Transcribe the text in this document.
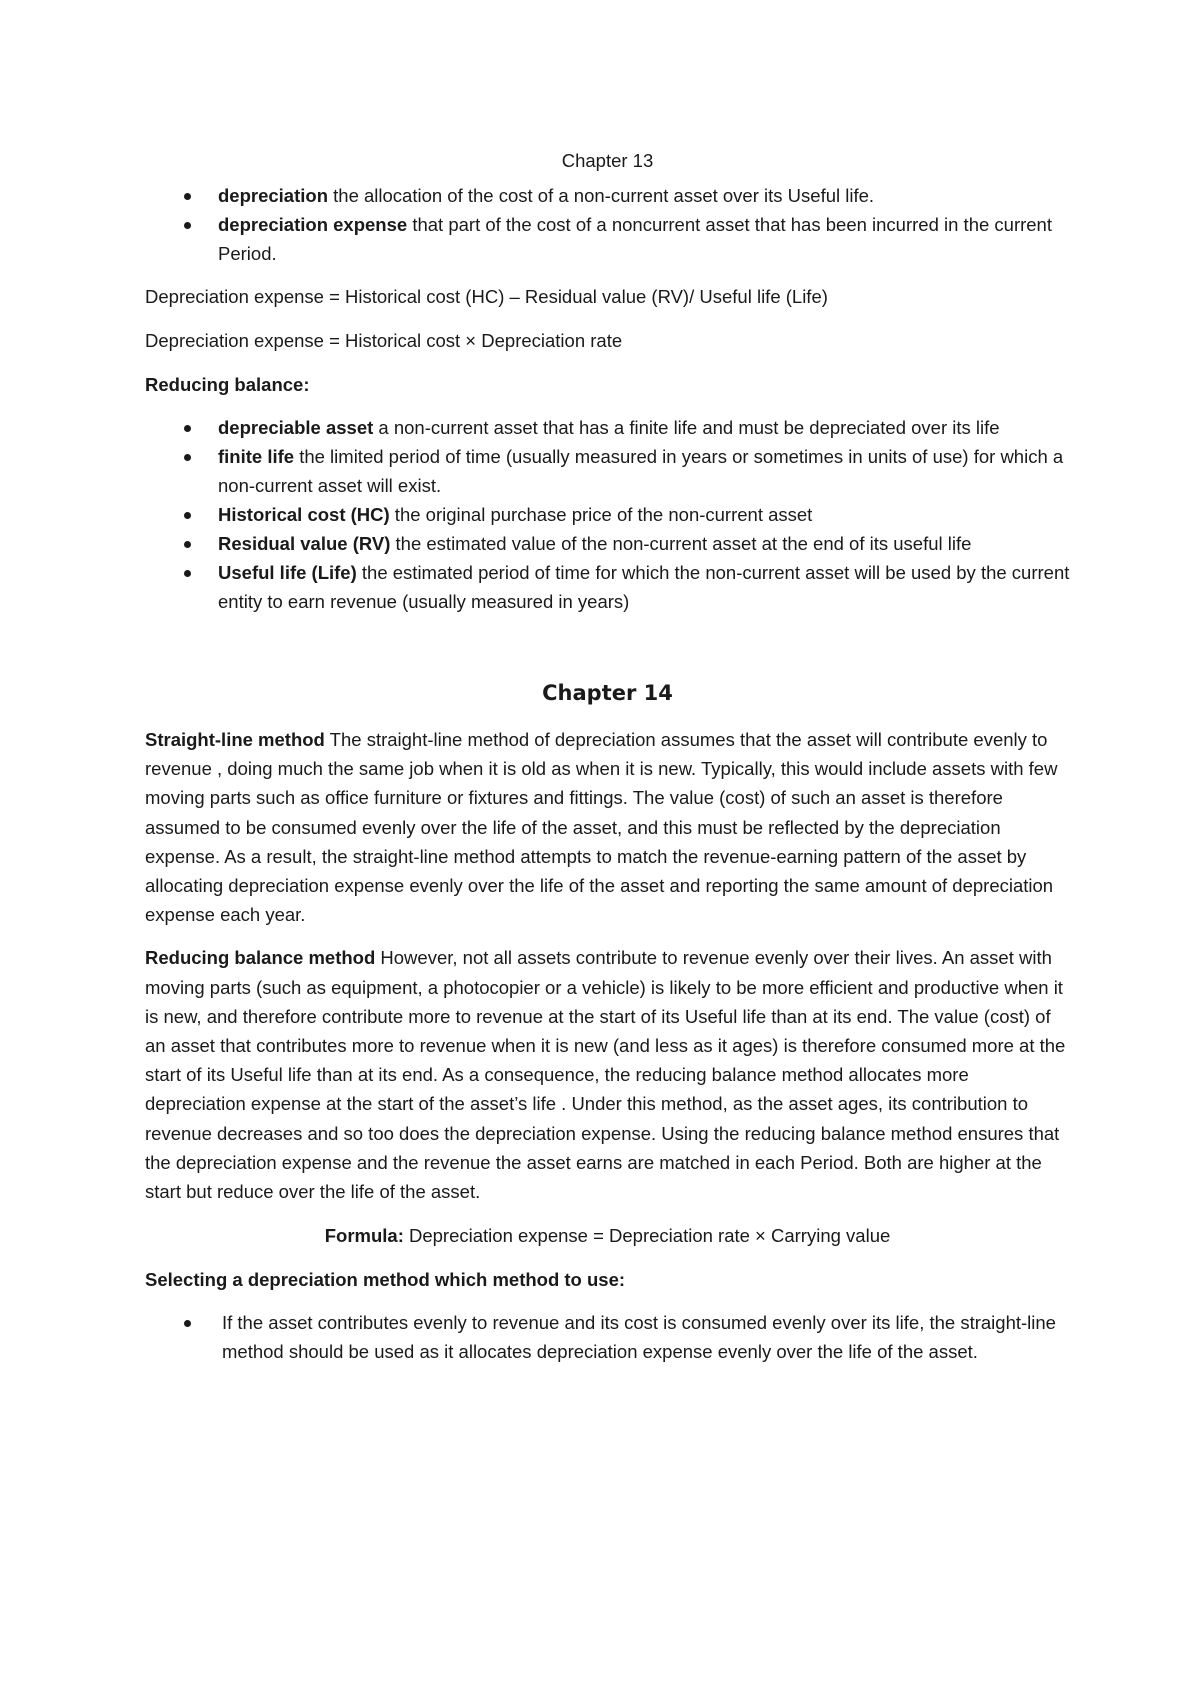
Chapter 13
depreciation the allocation of the cost of a non-current asset over its Useful life.
depreciation expense that part of the cost of a noncurrent asset that has been incurred in the current Period.

Depreciation expense = Historical cost (HC) – Residual value (RV)/ Useful life (Life)

Depreciation expense = Historical cost × Depreciation rate

Reducing balance:

depreciable asset a non-current asset that has a finite life and must be depreciated over its life
finite life the limited period of time (usually measured in years or sometimes in units of use) for which a non-current asset will exist.
Historical cost (HC) the original purchase price of the non-current asset
Residual value (RV) the estimated value of the non-current asset at the end of its useful life
Useful life (Life) the estimated period of time for which the non-current asset will be used by the current entity to earn revenue (usually measured in years)
Chapter 14

Straight-line method The straight-line method of depreciation assumes that the asset will contribute evenly to revenue , doing much the same job when it is old as when it is new. Typically, this would include assets with few moving parts such as office furniture or fixtures and fittings. The value (cost) of such an asset is therefore assumed to be consumed evenly over the life of the asset, and this must be reflected by the depreciation expense. As a result, the straight-line method attempts to match the revenue-earning pattern of the asset by allocating depreciation expense evenly over the life of the asset and reporting the same amount of depreciation expense each year.

Reducing balance method However, not all assets contribute to revenue evenly over their lives. An asset with moving parts (such as equipment, a photocopier or a vehicle) is likely to be more efficient and productive when it is new, and therefore contribute more to revenue at the start of its Useful life than at its end. The value (cost) of an asset that contributes more to revenue when it is new (and less as it ages) is therefore consumed more at the start of its Useful life than at its end. As a consequence, the reducing balance method allocates more depreciation expense at the start of the asset’s life . Under this method, as the asset ages, its contribution to revenue decreases and so too does the depreciation expense. Using the reducing balance method ensures that the depreciation expense and the revenue the asset earns are matched in each Period. Both are higher at the start but reduce over the life of the asset.

Formula: Depreciation expense = Depreciation rate × Carrying value

Selecting a depreciation method which method to use:

If the asset contributes evenly to revenue and its cost is consumed evenly over its life, the straight-line method should be used as it allocates depreciation expense evenly over the life of the asset.
